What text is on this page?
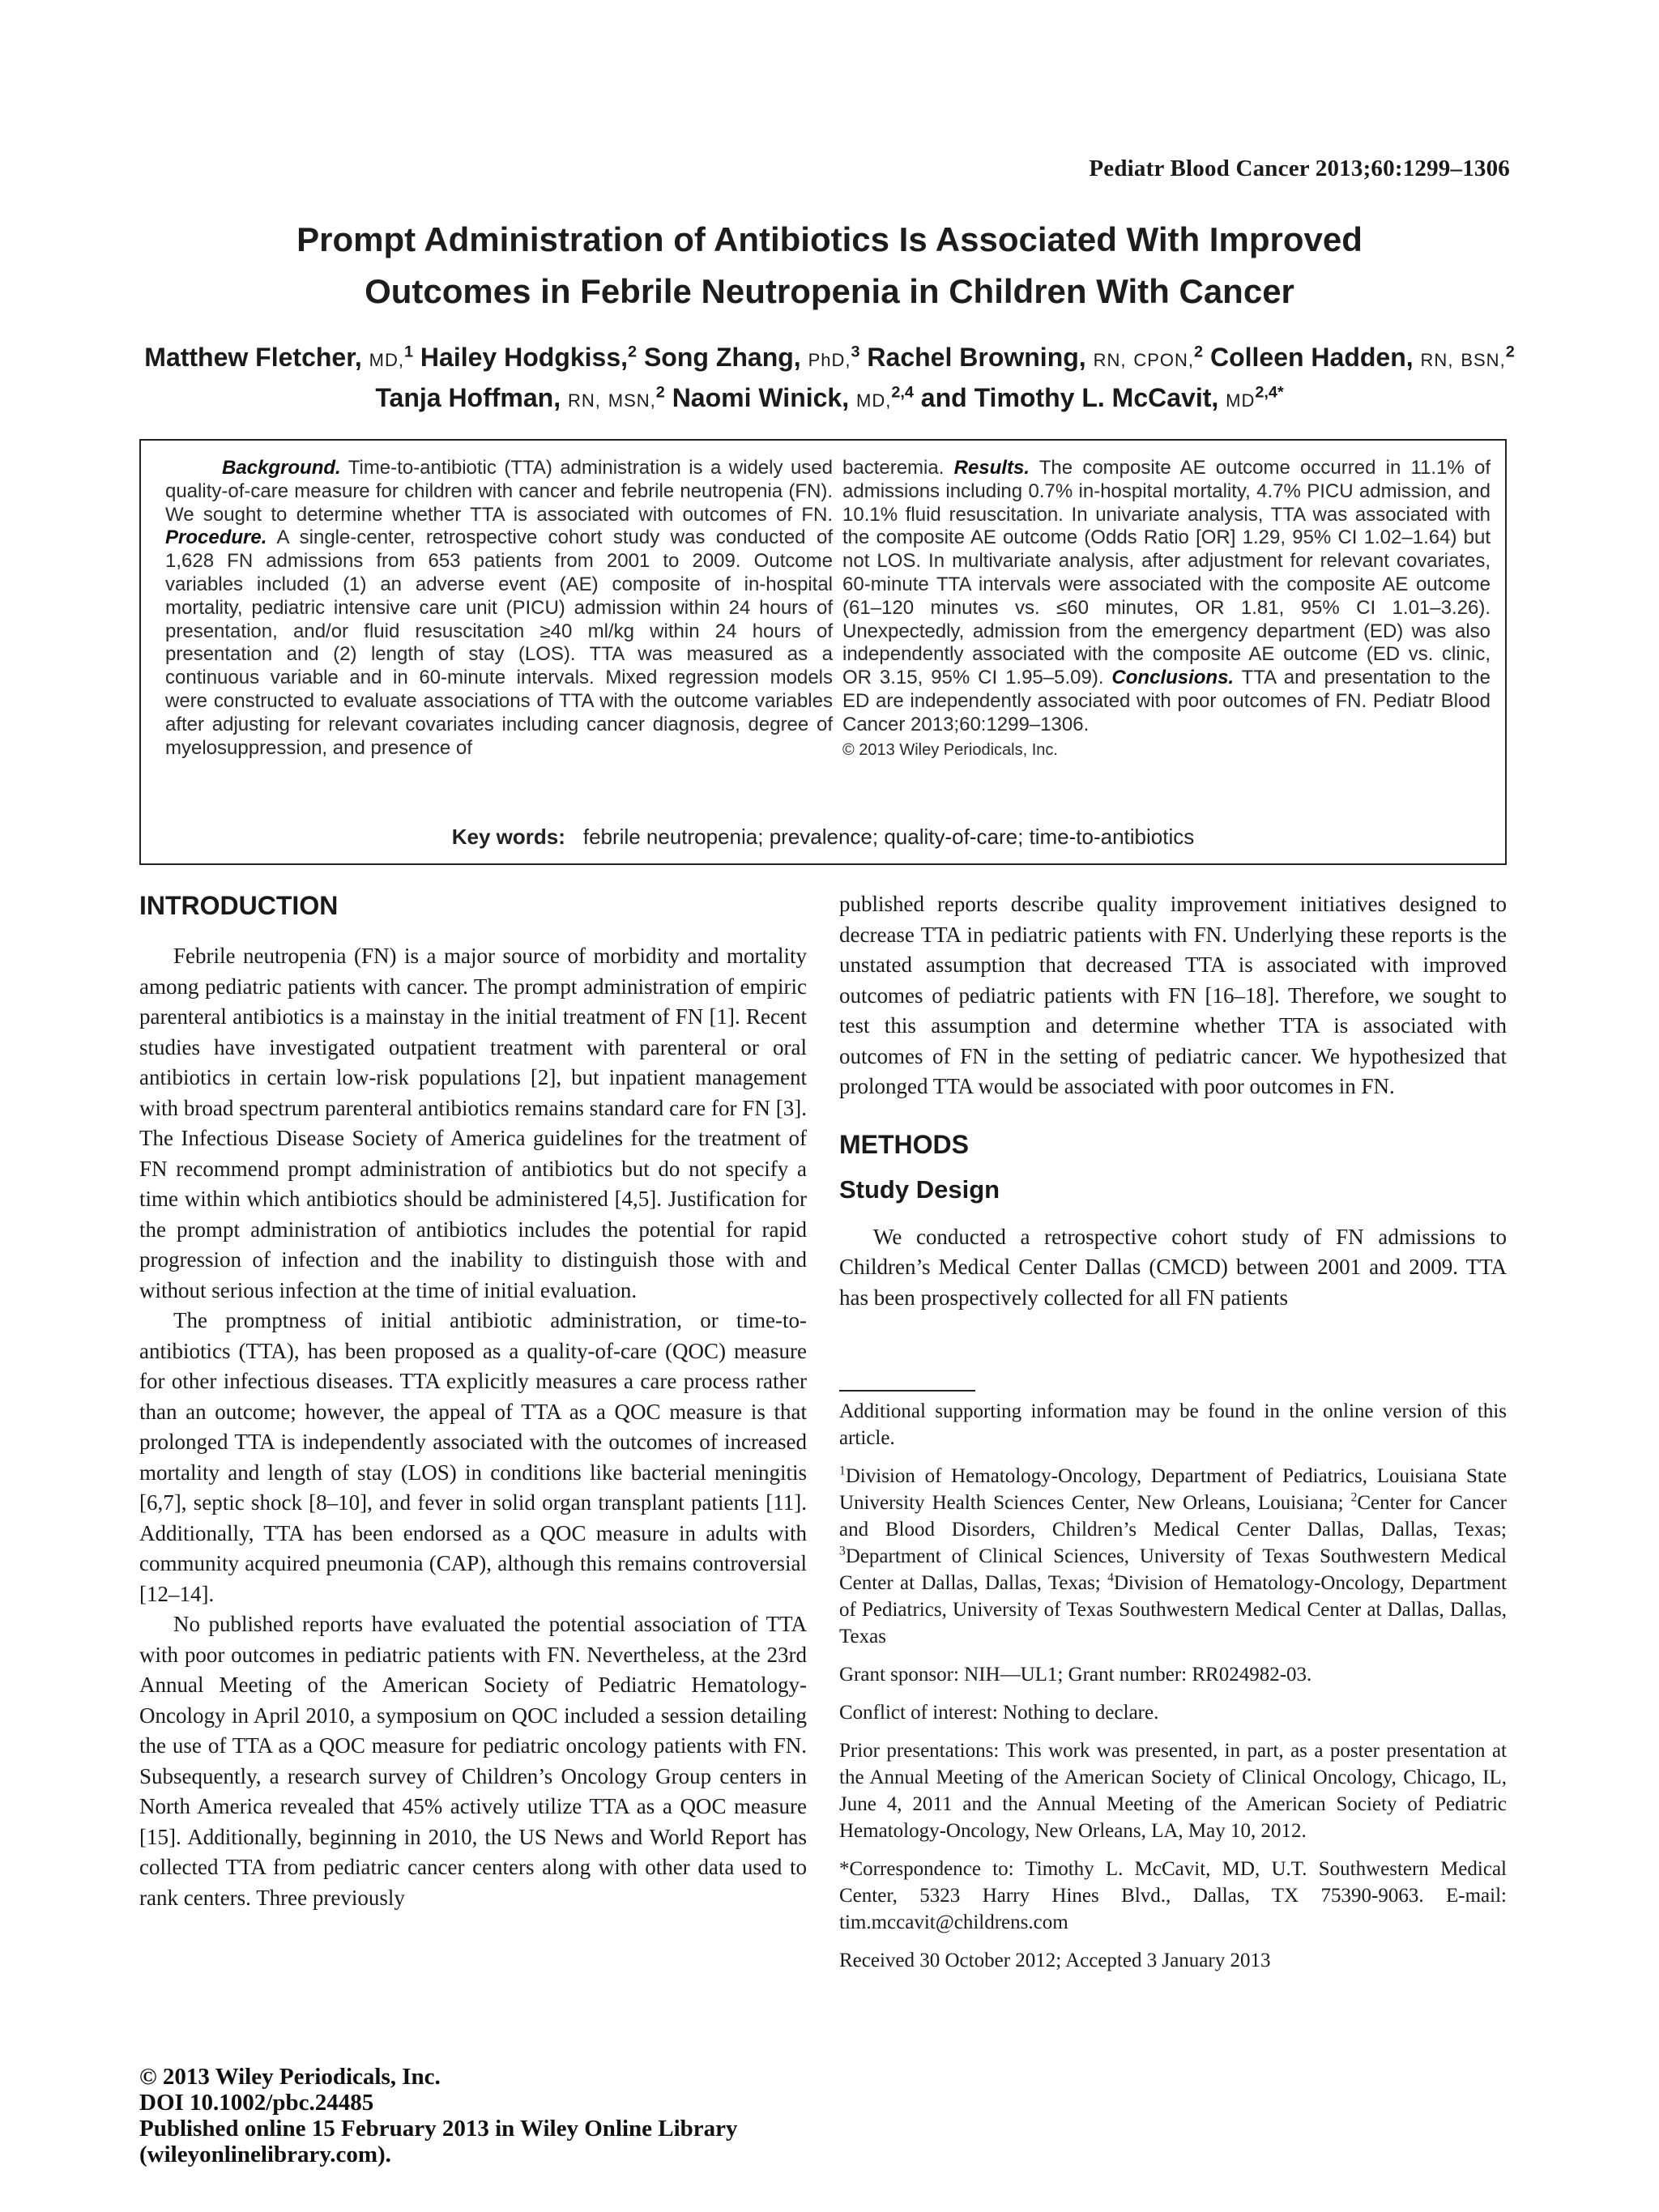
Pediatr Blood Cancer 2013;60:1299–1306
Prompt Administration of Antibiotics Is Associated With Improved
Outcomes in Febrile Neutropenia in Children With Cancer
Matthew Fletcher, MD,$^1$ Hailey Hodgkiss,$^2$ Song Zhang, PhD,$^3$ Rachel Browning, RN, CPON,$^2$ Colleen Hadden, RN, BSN,$^2$
Tanja Hoffman, RN, MSN,$^2$ Naomi Winick, MD,$^{2,4}$ and Timothy L. McCavit, $MD^{2,4*}$

Background. Time-to-antibiotic (TTA) administration is a widely used quality-of-care measure for children with cancer and febrile neutropenia (FN). We sought to determine whether TTA is associated with outcomes of FN. Procedure. A single-center, retrospective cohort study was conducted of 1,628 FN admissions from 653 patients from 2001 to 2009. Outcome variables included (1) an adverse event (AE) composite of in-hospital mortality, pediatric intensive care unit (PICU) admission within 24 hours of presentation, and/or fluid resuscitation ≥40 ml/kg within 24 hours of presentation and (2) length of stay (LOS). TTA was measured as a continuous variable and in 60-minute intervals. Mixed regression models were constructed to evaluate associations of TTA with the outcome variables after adjusting for relevant covariates including cancer diagnosis, degree of myelosuppression, and presence of

bacteremia. Results. The composite AE outcome occurred in 11.1% of admissions including 0.7% in-hospital mortality, 4.7% PICU admission, and 10.1% fluid resuscitation. In univariate analysis, TTA was associated with the composite AE outcome (Odds Ratio [OR] 1.29, 95% CI 1.02–1.64) but not LOS. In multivariate analysis, after adjustment for relevant covariates, 60-minute TTA intervals were associated with the composite AE outcome (61–120 minutes vs. ≤60 minutes, OR 1.81, 95% CI 1.01–3.26). Unexpectedly, admission from the emergency department (ED) was also independently associated with the composite AE outcome (ED vs. clinic, OR 3.15, 95% CI 1.95–5.09). Conclusions. TTA and presentation to the ED are independently associated with poor outcomes of FN. Pediatr Blood Cancer 2013;60:1299–1306.

© 2013 Wiley Periodicals, Inc.

Key words: febrile neutropenia; prevalence; quality-of-care; time-to-antibiotics
INTRODUCTION

Febrile neutropenia (FN) is a major source of morbidity and mortality among pediatric patients with cancer. The prompt administration of empiric parenteral antibiotics is a mainstay in the initial treatment of FN [1]. Recent studies have investigated outpatient treatment with parenteral or oral antibiotics in certain low-risk populations [2], but inpatient management with broad spectrum parenteral antibiotics remains standard care for FN [3]. The Infectious Disease Society of America guidelines for the treatment of FN recommend prompt administration of antibiotics but do not specify a time within which antibiotics should be administered [4,5]. Justification for the prompt administration of antibiotics includes the potential for rapid progression of infection and the inability to distinguish those with and without serious infection at the time of initial evaluation.

The promptness of initial antibiotic administration, or time-to-antibiotics (TTA), has been proposed as a quality-of-care (QOC) measure for other infectious diseases. TTA explicitly measures a care process rather than an outcome; however, the appeal of TTA as a QOC measure is that prolonged TTA is independently associated with the outcomes of increased mortality and length of stay (LOS) in conditions like bacterial meningitis [6,7], septic shock [8–10], and fever in solid organ transplant patients [11]. Additionally, TTA has been endorsed as a QOC measure in adults with community acquired pneumonia (CAP), although this remains controversial [12–14].

No published reports have evaluated the potential association of TTA with poor outcomes in pediatric patients with FN. Nevertheless, at the 23rd Annual Meeting of the American Society of Pediatric Hematology-Oncology in April 2010, a symposium on QOC included a session detailing the use of TTA as a QOC measure for pediatric oncology patients with FN. Subsequently, a research survey of Children’s Oncology Group centers in North America revealed that 45% actively utilize TTA as a QOC measure [15]. Additionally, beginning in 2010, the US News and World Report has collected TTA from pediatric cancer centers along with other data used to rank centers. Three previously

published reports describe quality improvement initiatives designed to decrease TTA in pediatric patients with FN. Underlying these reports is the unstated assumption that decreased TTA is associated with improved outcomes of pediatric patients with FN [16–18]. Therefore, we sought to test this assumption and determine whether TTA is associated with outcomes of FN in the setting of pediatric cancer. We hypothesized that prolonged TTA would be associated with poor outcomes in FN.

METHODS
Study Design

We conducted a retrospective cohort study of FN admissions to Children’s Medical Center Dallas (CMCD) between 2001 and 2009. TTA has been prospectively collected for all FN patients

Additional supporting information may be found in the online version of this article.

$^1$Division of Hematology-Oncology, Department of Pediatrics, Louisiana State University Health Sciences Center, New Orleans, Louisiana; $^2$Center for Cancer and Blood Disorders, Children’s Medical Center Dallas, Dallas, Texas; $^3$Department of Clinical Sciences, University of Texas Southwestern Medical Center at Dallas, Dallas, Texas; $^4$Division of Hematology-Oncology, Department of Pediatrics, University of Texas Southwestern Medical Center at Dallas, Dallas, Texas

Grant sponsor: NIH—UL1; Grant number: RR024982-03.

Conflict of interest: Nothing to declare.

Prior presentations: This work was presented, in part, as a poster presentation at the Annual Meeting of the American Society of Clinical Oncology, Chicago, IL, June 4, 2011 and the Annual Meeting of the American Society of Pediatric Hematology-Oncology, New Orleans, LA, May 10, 2012.

*Correspondence to: Timothy L. McCavit, MD, U.T. Southwestern Medical Center, 5323 Harry Hines Blvd., Dallas, TX 75390-9063. E-mail: tim.mccavit@childrens.com

Received 30 October 2012; Accepted 3 January 2013

© 2013 Wiley Periodicals, Inc.
DOI 10.1002/pbc.24485
Published online 15 February 2013 in Wiley Online Library
(wileyonlinelibrary.com).
